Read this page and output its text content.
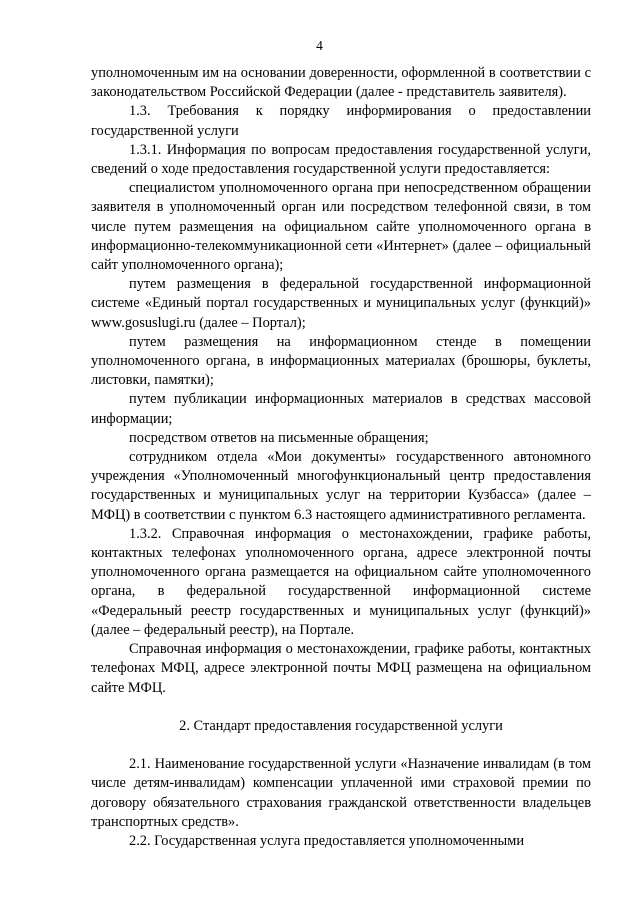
4

уполномоченным им на основании доверенности, оформленной в соответствии с законодательством Российской Федерации (далее - представитель заявителя).

1.3. Требования к порядку информирования о предоставлении государственной услуги

1.3.1. Информация по вопросам предоставления государственной услуги, сведений о ходе предоставления государственной услуги предоставляется:

специалистом уполномоченного органа при непосредственном обращении заявителя в уполномоченный орган или посредством телефонной связи, в том числе путем размещения на официальном сайте уполномоченного органа в информационно-телекоммуникационной сети «Интернет» (далее – официальный сайт уполномоченного органа);

путем размещения в федеральной государственной информационной системе «Единый портал государственных и муниципальных услуг (функций)» www.gosuslugi.ru (далее – Портал);

путем размещения на информационном стенде в помещении уполномоченного органа, в информационных материалах (брошюры, буклеты, листовки, памятки);

путем публикации информационных материалов в средствах массовой информации;

посредством ответов на письменные обращения;

сотрудником отдела «Мои документы» государственного автономного учреждения «Уполномоченный многофункциональный центр предоставления государственных и муниципальных услуг на территории Кузбасса» (далее – МФЦ) в соответствии с пунктом 6.3 настоящего административного регламента.

1.3.2. Справочная информация о местонахождении, графике работы, контактных телефонах уполномоченного органа, адресе электронной почты уполномоченного органа размещается на официальном сайте уполномоченного органа, в федеральной государственной информационной системе «Федеральный реестр государственных и муниципальных услуг (функций)» (далее – федеральный реестр), на Портале.

Справочная информация о местонахождении, графике работы, контактных телефонах МФЦ, адресе электронной почты МФЦ размещена на официальном сайте МФЦ.

2. Стандарт предоставления государственной услуги

2.1. Наименование государственной услуги «Назначение инвалидам (в том числе детям-инвалидам) компенсации уплаченной ими страховой премии по договору обязательного страхования гражданской ответственности владельцев транспортных средств».

2.2. Государственная услуга предоставляется уполномоченными
